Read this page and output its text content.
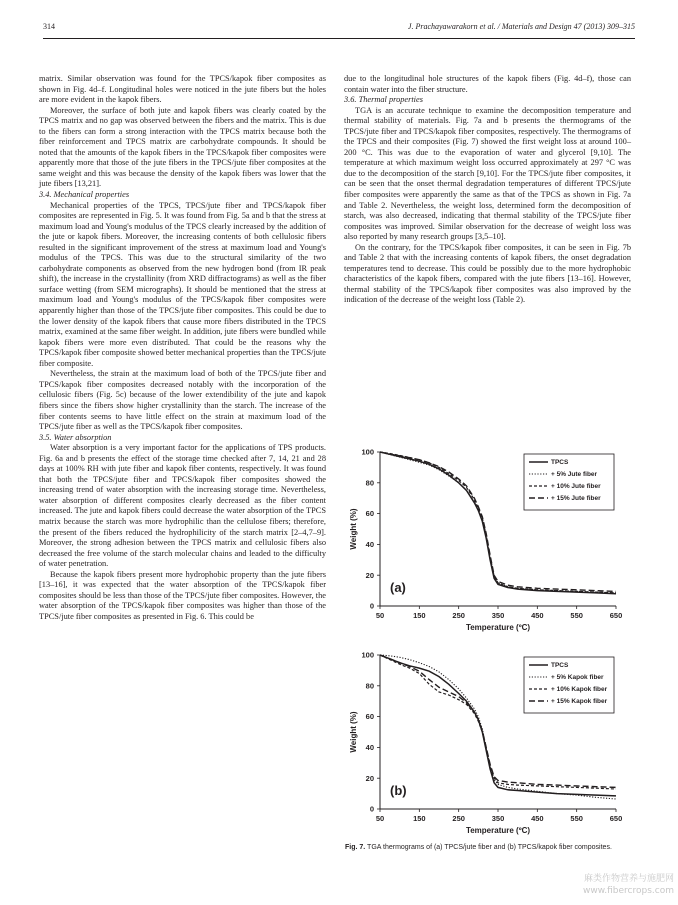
314	J. Prachayawarakorn et al. / Materials and Design 47 (2013) 309–315

matrix. Similar observation was found for the TPCS/kapok fiber composites as shown in Fig. 4d–f. Longitudinal holes were noticed in the jute fibers but the holes are more evident in the kapok fibers.

Moreover, the surface of both jute and kapok fibers was clearly coated by the TPCS matrix and no gap was observed between the fibers and the matrix. This is due to the fibers can form a strong interaction with the TPCS matrix because both the fiber reinforcement and TPCS matrix are carbohydrate compounds. It should be noted that the amounts of the kapok fibers in the TPCS/kapok fiber composites were apparently more that those of the jute fibers in the TPCS/jute fiber composites at the same weight and this was because the density of the kapok fibers was lower that the jute fibers [13,21].

3.4. Mechanical properties

Mechanical properties of the TPCS, TPCS/jute fiber and TPCS/kapok fiber composites are represented in Fig. 5. It was found from Fig. 5a and b that the stress at maximum load and Young's modulus of the TPCS clearly increased by the addition of the jute or kapok fibers. Moreover, the increasing contents of both cellulosic fibers resulted in the significant improvement of the stress at maximum load and Young's modulus of the TPCS. This was due to the structural similarity of the two carbohydrate components as observed from the new hydrogen bond (from IR peak shift), the increase in the crystallinity (from XRD diffractograms) as well as the fiber surface wetting (from SEM micrographs). It should be mentioned that the stress at maximum load and Young's modulus of the TPCS/kapok fiber composites were apparently higher than those of the TPCS/jute fiber composites. This could be due to the lower density of the kapok fibers that cause more fibers distributed in the TPCS matrix, examined at the same fiber weight. In addition, jute fibers were bundled while kapok fibers were more even distributed. That could be the reasons why the TPCS/kapok fiber composite showed better mechanical properties than the TPCS/jute fiber composite.

Nevertheless, the strain at the maximum load of both of the TPCS/jute fiber and TPCS/kapok fiber composites decreased notably with the incorporation of the cellulosic fibers (Fig. 5c) because of the lower extendibility of the jute and kapok fibers since the fibers show higher crystallinity than the starch. The increase of the fiber contents seems to have little effect on the strain at maximum load of the TPCS/jute fiber as well as the TPCS/kapok fiber composites.

3.5. Water absorption

Water absorption is a very important factor for the applications of TPS products. Fig. 6a and b presents the effect of the storage time checked after 7, 14, 21 and 28 days at 100% RH with jute fiber and kapok fiber contents, respectively. It was found that both the TPCS/jute fiber and TPCS/kapok fiber composites showed the increasing trend of water absorption with the increasing storage time. Nevertheless, water absorption of different composites clearly decreased as the fiber content increased. The jute and kapok fibers could decrease the water absorption of the TPCS matrix because the starch was more hydrophilic than the cellulose fibers; therefore, the present of the fibers reduced the hydrophilicity of the starch matrix [2–4,7–9]. Moreover, the strong adhesion between the TPCS matrix and cellulosic fibers also decreased the free volume of the starch molecular chains and leaded to the difficulty of water penetration.

Because the kapok fibers present more hydrophobic property than the jute fibers [13–16], it was expected that the water absorption of the TPCS/kapok fiber composites should be less than those of the TPCS/jute fiber composites. However, the water absorption of the TPCS/kapok fiber composites was higher than those of the TPCS/jute fiber composites as presented in Fig. 6. This could be

due to the longitudinal hole structures of the kapok fibers (Fig. 4d–f), those can contain water into the fiber structure.

3.6. Thermal properties

TGA is an accurate technique to examine the decomposition temperature and thermal stability of materials. Fig. 7a and b presents the thermograms of the TPCS/jute fiber and TPCS/kapok fiber composites, respectively. The thermograms of the TPCS and their composites (Fig. 7) showed the first weight loss at around 100–200 °C. This was due to the evaporation of water and glycerol [9,10]. The temperature at which maximum weight loss occurred approximately at 297 °C was due to the decomposition of the starch [9,10]. For the TPCS/jute fiber composites, it can be seen that the onset thermal degradation temperatures of different TPCS/jute fiber composites were apparently the same as that of the TPCS as shown in Fig. 7a and Table 2. Nevertheless, the weight loss, determined form the decomposition of starch, was also decreased, indicating that thermal stability of the TPCS/jute fiber composites was improved. Similar observation for the decrease of weight loss was also reported by many research groups [3,5–10].

On the contrary, for the TPCS/kapok fiber composites, it can be seen in Fig. 7b and Table 2 that with the increasing contents of kapok fibers, the onset degradation temperatures tend to decrease. This could be possibly due to the more hydrophobic characteristics of the kapok fibers, compared with the jute fibers [13–16]. However, thermal stability of the TPCS/kapok fiber composites was also improved by the indication of the decrease of the weight loss (Table 2).

0
20
40
60
80
100
50	150	250	350	450	550	650
Temperature (ºC)
Weight (%)
TPCS
+ 5% Jute fiber
+ 10% Jute fiber
+ 15% Jute fiber
(a)
0
20
40
60
80
100
50	150	250	350	450	550	650
Temperature (ºC)
Weight (%)
TPCS
+ 5% Kapok fiber
+ 10% Kapok fiber
+ 15% Kapok fiber
(b)
Fig. 7. TGA thermograms of (a) TPCS/jute fiber and (b) TPCS/kapok fiber composites.
麻类作物营养与施肥网
www.fibercrops.com
